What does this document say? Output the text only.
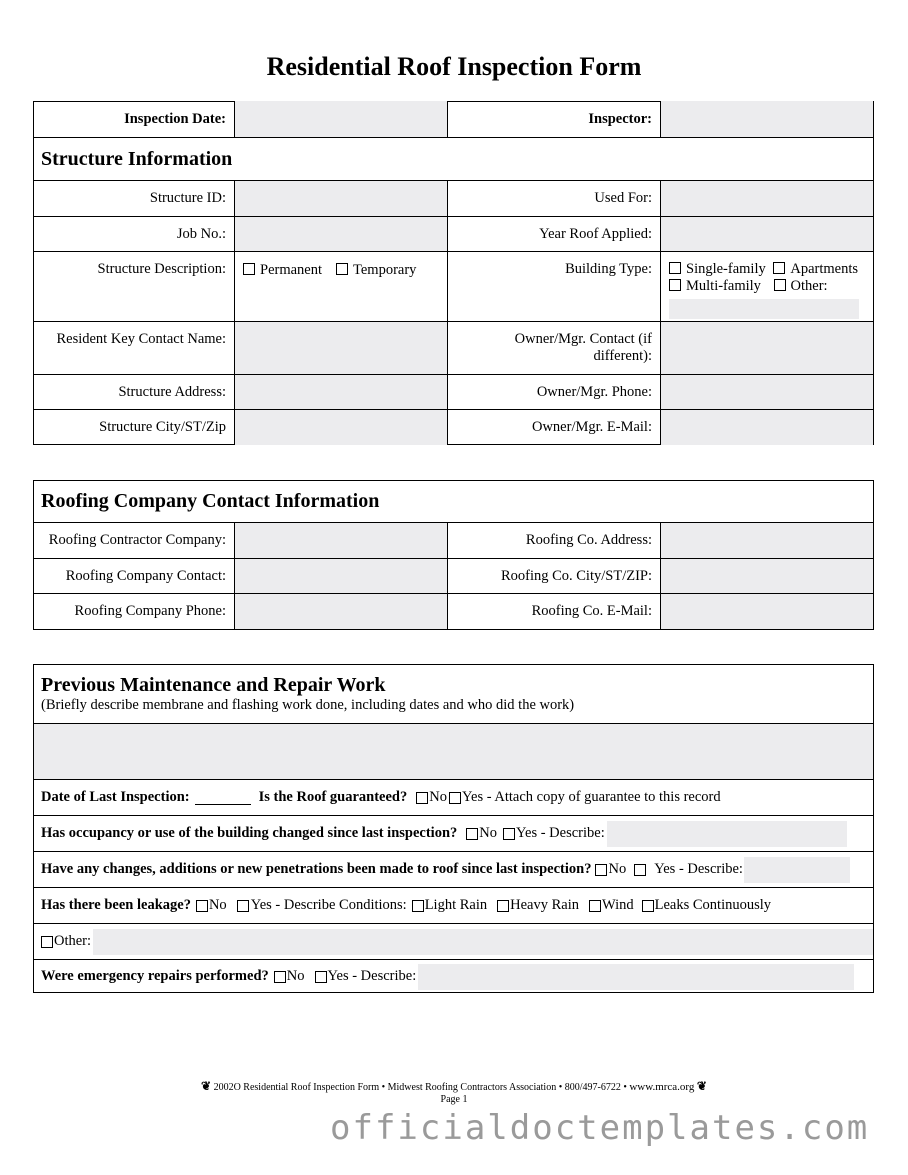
Residential Roof Inspection Form
Inspection Date:	Inspector:
Structure Information
Structure ID:	Used For:
Job No.:	Year Roof Applied:
Structure Description:	Permanent Temporary	Building Type:	Single-family Apartments
Multi-family Other:
Resident Key Contact Name:	Owner/Mgr. Contact (if different):
Structure Address:	Owner/Mgr. Phone:
Structure City/ST/Zip	Owner/Mgr. E-Mail:
Roofing Company Contact Information
Roofing Contractor Company:	Roofing Co. Address:
Roofing Company Contact:	Roofing Co. City/ST/ZIP:
Roofing Company Phone:	Roofing Co. E-Mail:
Previous Maintenance and Repair Work
(Briefly describe membrane and flashing work done, including dates and who did the work)
Date of Last Inspection:	Is the Roof guaranteed? No Yes - Attach copy of guarantee to this record
Has occupancy or use of the building changed since last inspection? No Yes - Describe:
Have any changes, additions or new penetrations been made to roof since last inspection? No Yes - Describe:
Has there been leakage? No Yes - Describe Conditions: Light Rain Heavy Rain Wind Leaks Continuously
Other:
Were emergency repairs performed? No Yes - Describe:
❦ 2002O Residential Roof Inspection Form • Midwest Roofing Contractors Association • 800/497-6722 • www.mrca.org ❦
Page 1
officialdoctemplates.com
